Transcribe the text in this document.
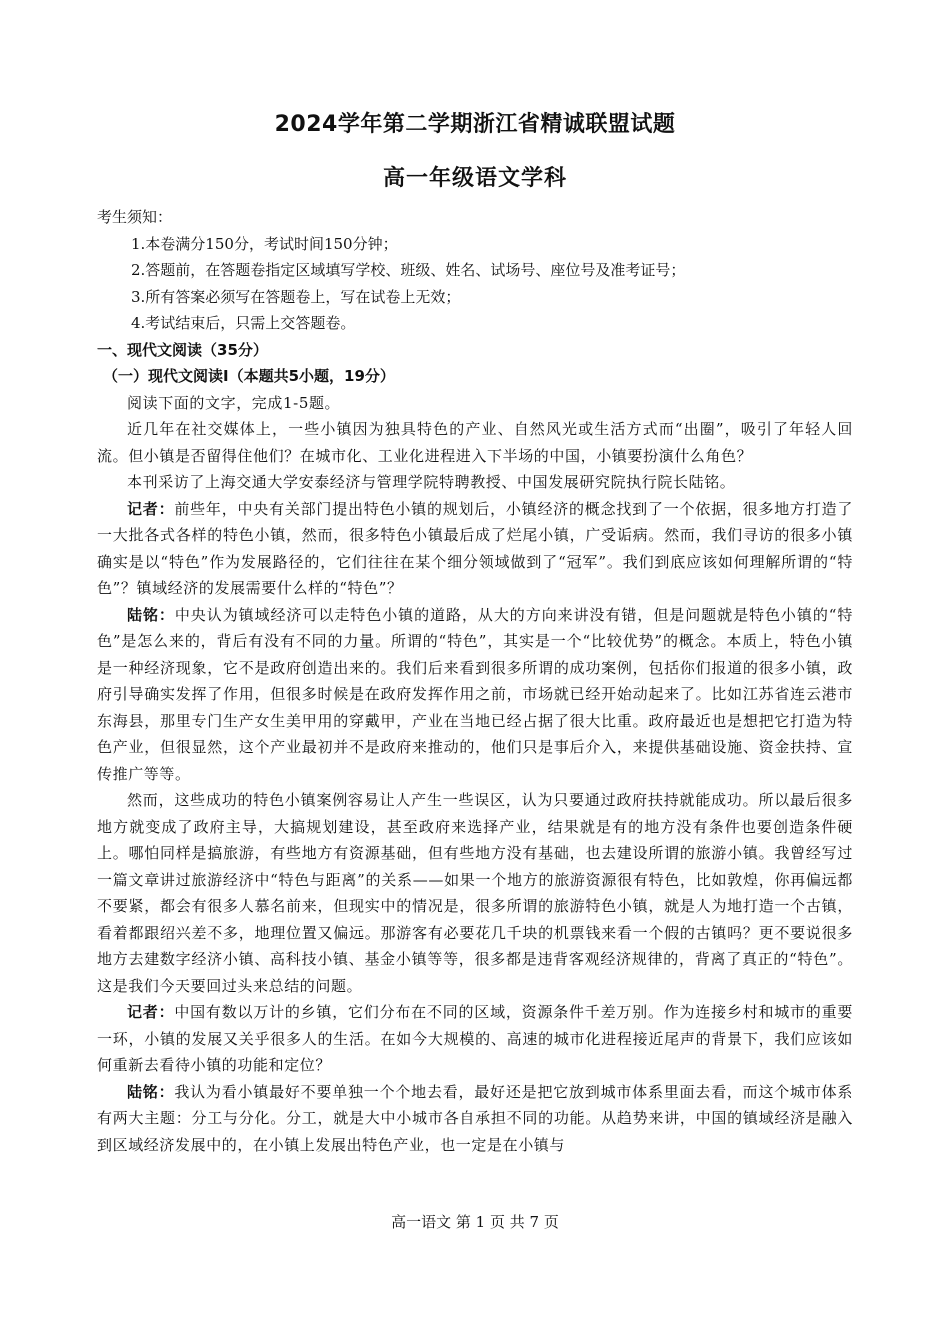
2024学年第二学期浙江省精诚联盟试题
高一年级语文学科
考生须知：
1.本卷满分150分，考试时间150分钟；
2.答题前，在答题卷指定区域填写学校、班级、姓名、试场号、座位号及准考证号；
3.所有答案必须写在答题卷上，写在试卷上无效；
4.考试结束后，只需上交答题卷。
一、现代文阅读（35分）
（一）现代文阅读Ⅰ（本题共5小题，19分）

阅读下面的文字，完成1-5题。

近几年在社交媒体上，一些小镇因为独具特色的产业、自然风光或生活方式而“出圈”，吸引了年轻人回流。但小镇是否留得住他们？在城市化、工业化进程进入下半场的中国，小镇要扮演什么角色？

本刊采访了上海交通大学安泰经济与管理学院特聘教授、中国发展研究院执行院长陆铭。

记者：前些年，中央有关部门提出特色小镇的规划后，小镇经济的概念找到了一个依据，很多地方打造了一大批各式各样的特色小镇，然而，很多特色小镇最后成了烂尾小镇，广受诟病。然而，我们寻访的很多小镇确实是以“特色”作为发展路径的，它们往往在某个细分领域做到了“冠军”。我们到底应该如何理解所谓的“特色”？镇域经济的发展需要什么样的“特色”？

陆铭：中央认为镇域经济可以走特色小镇的道路，从大的方向来讲没有错，但是问题就是特色小镇的“特色”是怎么来的，背后有没有不同的力量。所谓的“特色”，其实是一个“比较优势”的概念。本质上，特色小镇是一种经济现象，它不是政府创造出来的。我们后来看到很多所谓的成功案例，包括你们报道的很多小镇，政府引导确实发挥了作用，但很多时候是在政府发挥作用之前，市场就已经开始动起来了。比如江苏省连云港市东海县，那里专门生产女生美甲用的穿戴甲，产业在当地已经占据了很大比重。政府最近也是想把它打造为特色产业，但很显然，这个产业最初并不是政府来推动的，他们只是事后介入，来提供基础设施、资金扶持、宣传推广等等。

然而，这些成功的特色小镇案例容易让人产生一些误区，认为只要通过政府扶持就能成功。所以最后很多地方就变成了政府主导，大搞规划建设，甚至政府来选择产业，结果就是有的地方没有条件也要创造条件硬上。哪怕同样是搞旅游，有些地方有资源基础，但有些地方没有基础，也去建设所谓的旅游小镇。我曾经写过一篇文章讲过旅游经济中“特色与距离”的关系——如果一个地方的旅游资源很有特色，比如敦煌，你再偏远都不要紧，都会有很多人慕名前来，但现实中的情况是，很多所谓的旅游特色小镇，就是人为地打造一个古镇，看着都跟绍兴差不多，地理位置又偏远。那游客有必要花几千块的机票钱来看一个假的古镇吗？更不要说很多地方去建数字经济小镇、高科技小镇、基金小镇等等，很多都是违背客观经济规律的，背离了真正的“特色”。这是我们今天要回过头来总结的问题。

记者：中国有数以万计的乡镇，它们分布在不同的区域，资源条件千差万别。作为连接乡村和城市的重要一环，小镇的发展又关乎很多人的生活。在如今大规模的、高速的城市化进程接近尾声的背景下，我们应该如何重新去看待小镇的功能和定位？

陆铭：我认为看小镇最好不要单独一个个地去看，最好还是把它放到城市体系里面去看，而这个城市体系有两大主题：分工与分化。分工，就是大中小城市各自承担不同的功能。从趋势来讲，中国的镇域经济是融入到区域经济发展中的，在小镇上发展出特色产业，也一定是在小镇与

高一语文 第 1 页 共 7 页
